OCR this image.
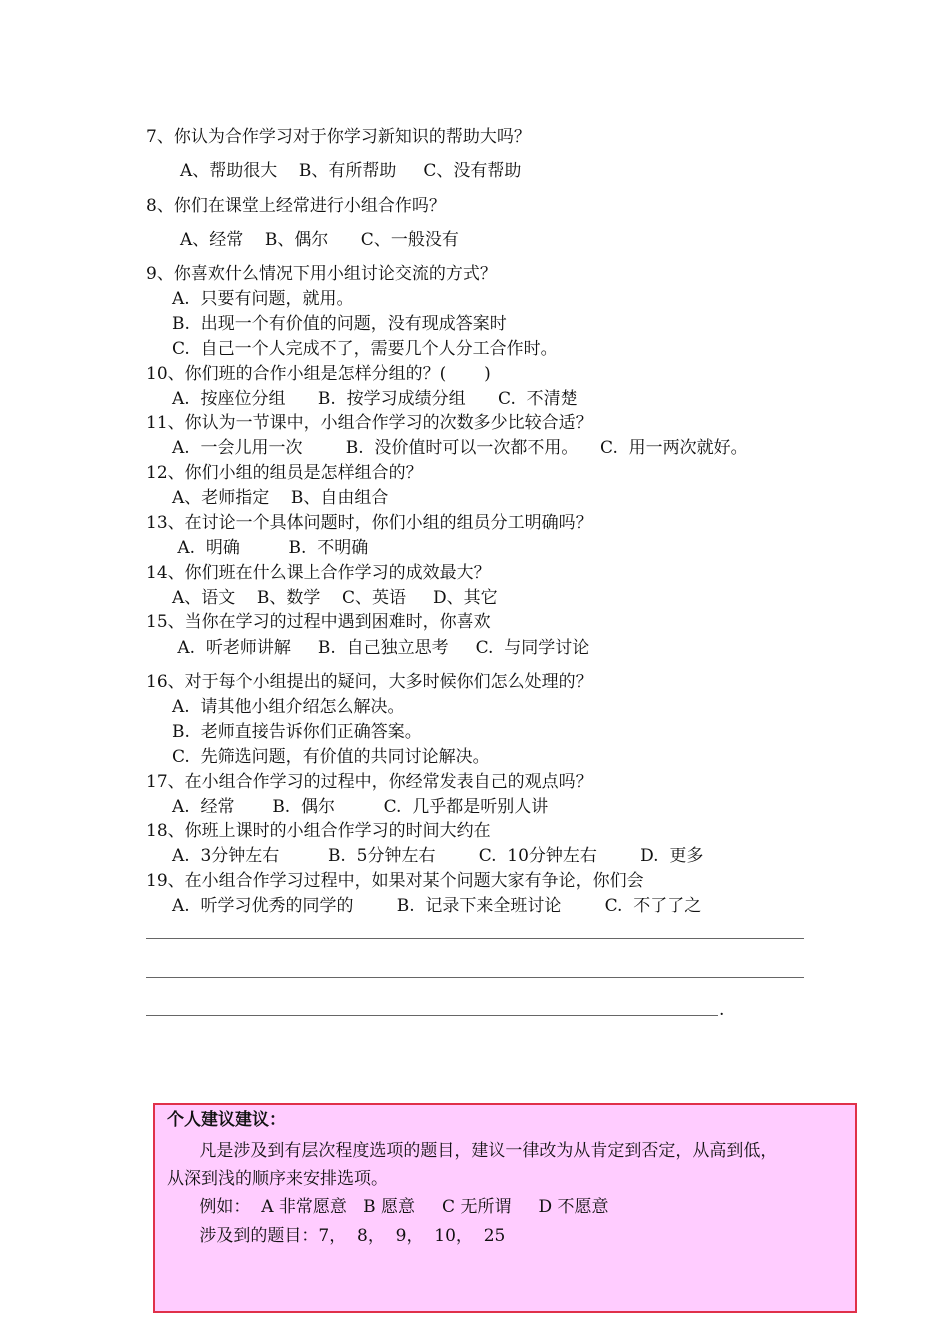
7、你认为合作学习对于你学习新知识的帮助大吗？
A、帮助很大    B、有所帮助     C、没有帮助
8、你们在课堂上经常进行小组合作吗？
A、经常    B、偶尔      C、一般没有
9、你喜欢什么情况下用小组讨论交流的方式？
A.  只要有问题，就用。
B.  出现一个有价值的问题，没有现成答案时
C.  自己一个人完成不了，需要几个人分工合作时。
10、你们班的合作小组是怎样分组的？(       )
A.  按座位分组      B.  按学习成绩分组      C.  不清楚
11、你认为一节课中，小组合作学习的次数多少比较合适？
A.  一会儿用一次        B.  没价值时可以一次都不用。    C.  用一两次就好。
12、你们小组的组员是怎样组合的？
A、老师指定    B、自由组合
13、在讨论一个具体问题时，你们小组的组员分工明确吗？
A.  明确         B.  不明确
14、你们班在什么课上合作学习的成效最大？
A、语文    B、数学    C、英语     D、其它
15、当你在学习的过程中遇到困难时，你喜欢
A.  听老师讲解     B.  自己独立思考     C.  与同学讨论
16、对于每个小组提出的疑问，大多时候你们怎么处理的？
A.  请其他小组介绍怎么解决。
B.  老师直接告诉你们正确答案。
C.  先筛选问题，有价值的共同讨论解决。
17、在小组合作学习的过程中，你经常发表自己的观点吗？
A.  经常       B.  偶尔         C.  几乎都是听别人讲
18、你班上课时的小组合作学习的时间大约在
A.  3分钟左右         B.  5分钟左右        C.  10分钟左右        D.  更多
19、在小组合作学习过程中，如果对某个问题大家有争论，你们会
A.  听学习优秀的同学的        B.  记录下来全班讨论        C.  不了了之
.
个人建议建议：
凡是涉及到有层次程度选项的题目，建议一律改为从肯定到否定，从高到低，
从深到浅的顺序来安排选项。
例如：  A 非常愿意   B 愿意     C 无所谓     D 不愿意
涉及到的题目：7，  8，  9，  10，  25
